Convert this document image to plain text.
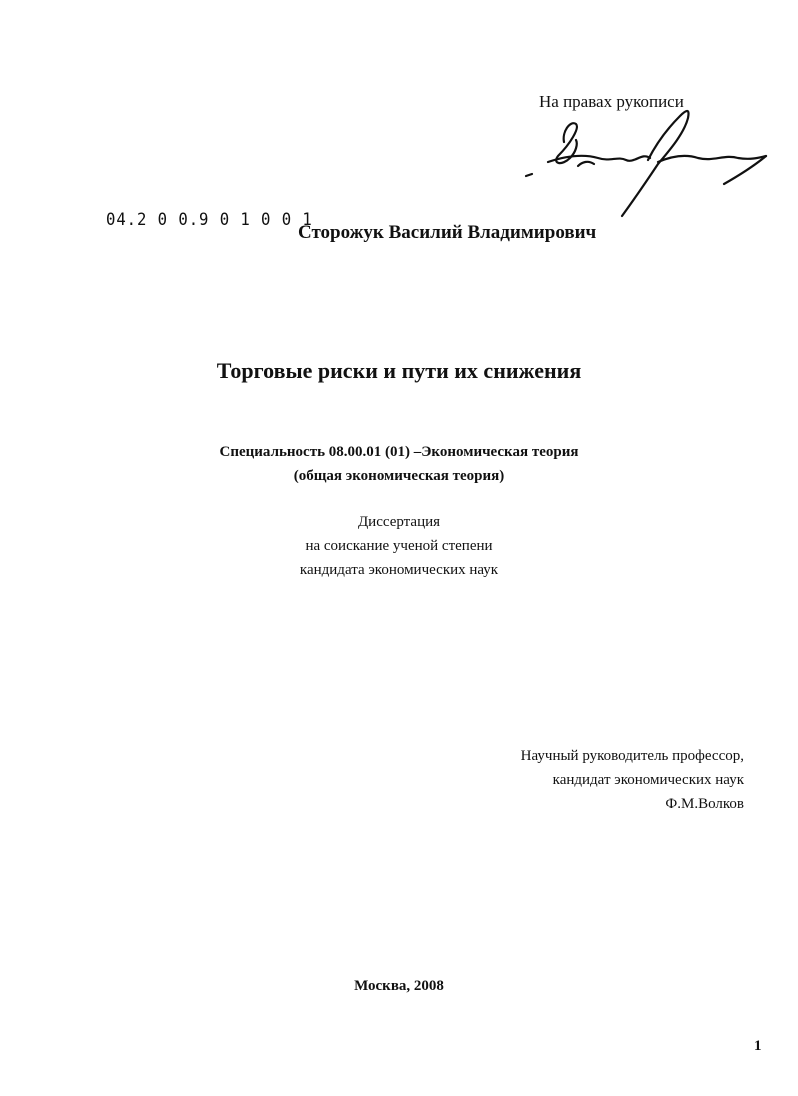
На правах рукописи
04.2 0 0.9 0 1 0 0 1
Сторожук Василий Владимирович
Торговые риски и пути их снижения
Специальность 08.00.01 (01) –Экономическая теория
(общая экономическая теория)
Диссертация
на соискание ученой степени
кандидата экономических наук
Научный руководитель профессор,
кандидат экономических наук
Ф.М.Волков
Москва, 2008
1
